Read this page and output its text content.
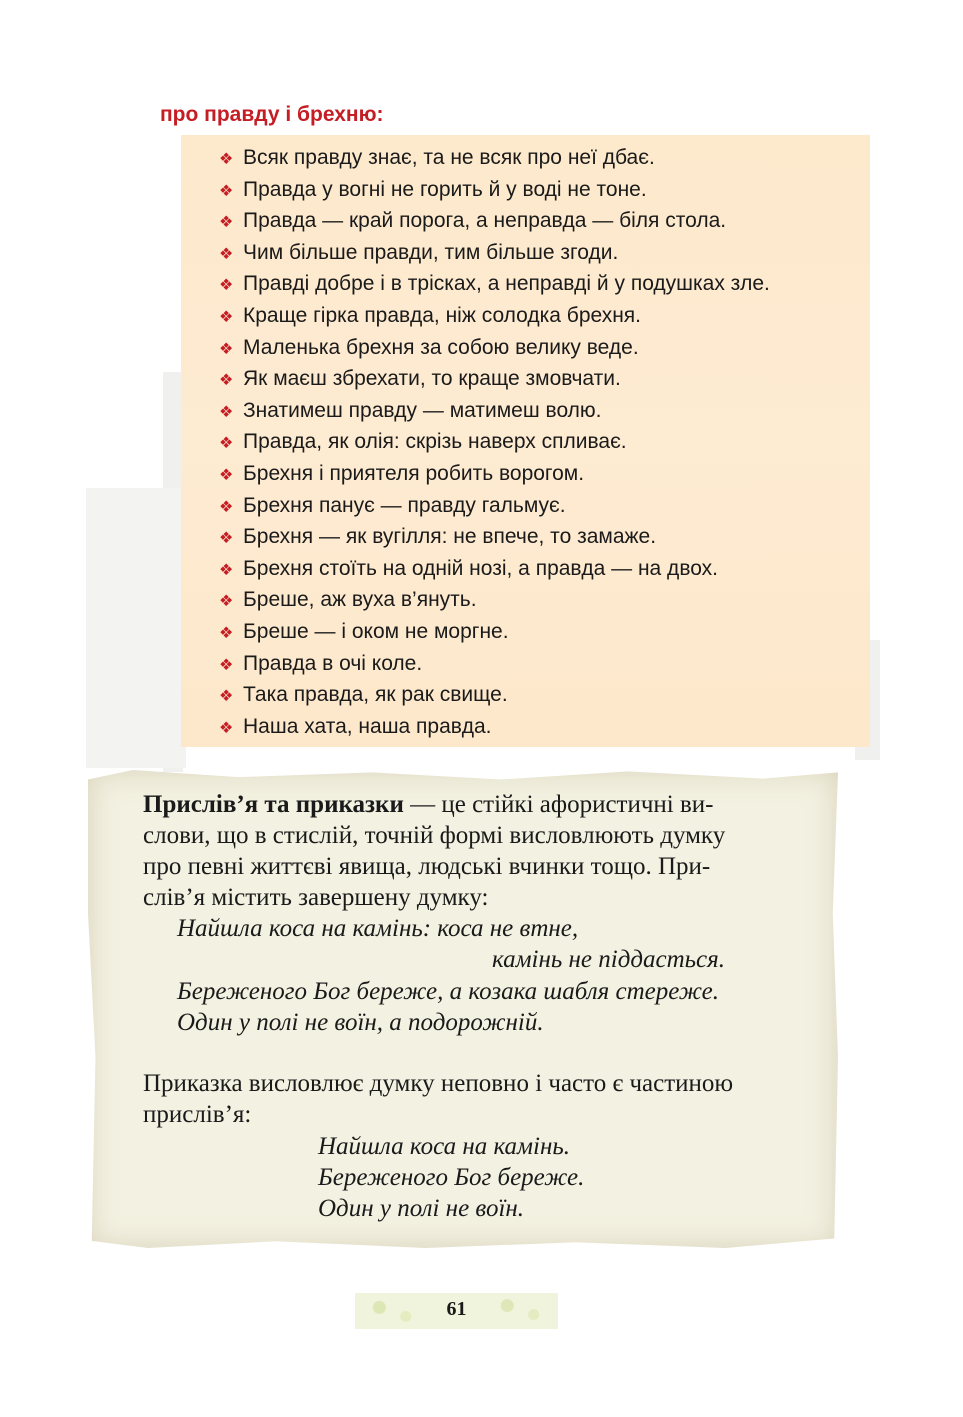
про правду і брехню:
❖ Всяк правду знає, та не всяк про неї дбає.
❖ Правда у вогні не горить й у воді не тоне.
❖ Правда — край порога, а неправда — біля стола.
❖ Чим більше правди, тим більше згоди.
❖ Правді добре і в трісках, а неправді й у подушках зле.
❖ Краще гірка правда, ніж солодка брехня.
❖ Маленька брехня за собою велику веде.
❖ Як маєш збрехати, то краще змовчати.
❖ Знатимеш правду — матимеш волю.
❖ Правда, як олія: скрізь наверх спливає.
❖ Брехня і приятеля робить ворогом.
❖ Брехня панує — правду гальмує.
❖ Брехня — як вугілля: не впече, то замаже.
❖ Брехня стоїть на одній нозі, а правда — на двох.
❖ Бреше, аж вуха в’януть.
❖ Бреше — і оком не моргне.
❖ Правда в очі коле.
❖ Така правда, як рак свище.
❖ Наша хата, наша правда.

Прислів’я та приказки — це стійкі афористичні ви-

слови, що в стислій, точній формі висловлюють думку

про певні життєві явища, людські вчинки тощо. При-

слів’я містить завершену думку:

Найшла коса на камінь: коса не втне,

камінь не піддасться.

Береженого Бог береже, а козака шабля стереже.

Один у полі не воїн, а подорожній.

Приказка висловлює думку неповно і часто є частиною

прислів’я:

Найшла коса на камінь.

Береженого Бог береже.

Один у полі не воїн.

61
